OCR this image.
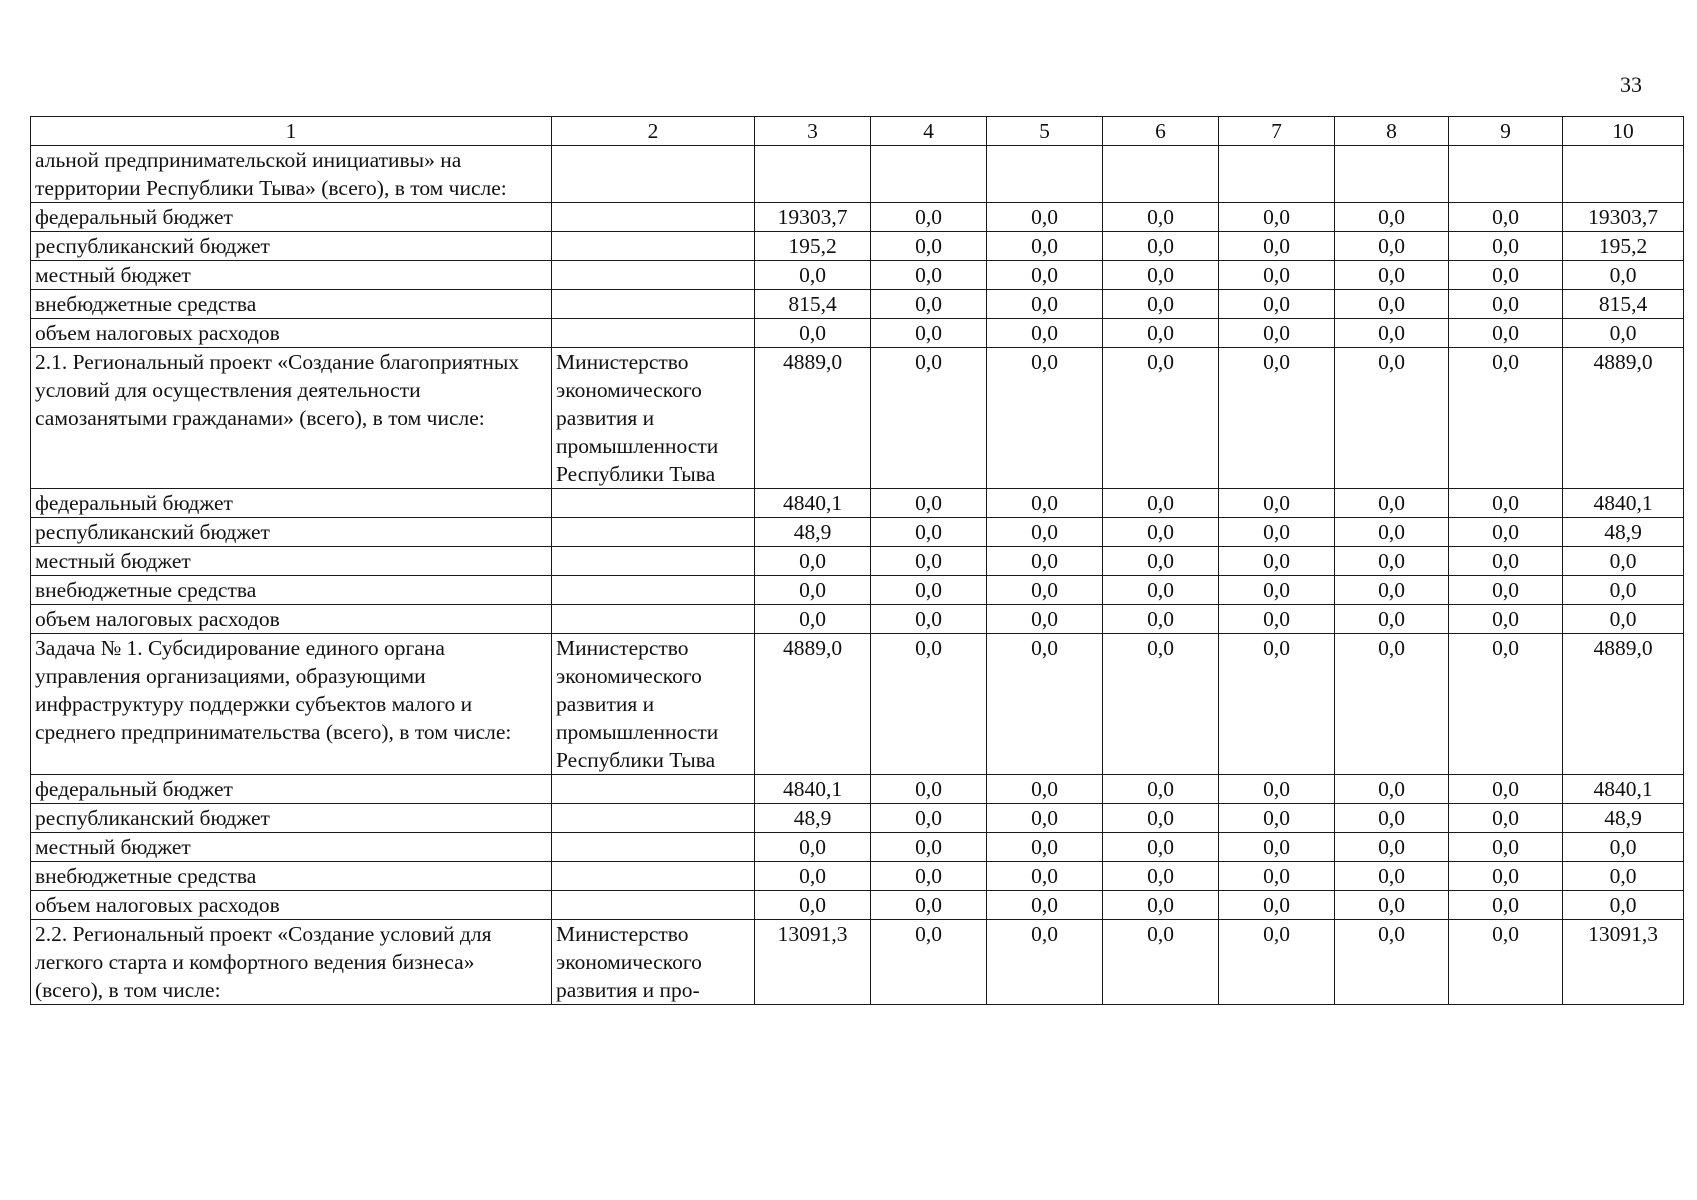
33
1	2	3	4	5	6	7	8	9	10
альной предпринимательской инициативы» на территории Республики Тыва» (всего), в том числе:									
федеральный бюджет		19303,7	0,0	0,0	0,0	0,0	0,0	0,0	19303,7
республиканский бюджет		195,2	0,0	0,0	0,0	0,0	0,0	0,0	195,2
местный бюджет		0,0	0,0	0,0	0,0	0,0	0,0	0,0	0,0
внебюджетные средства		815,4	0,0	0,0	0,0	0,0	0,0	0,0	815,4
объем налоговых расходов		0,0	0,0	0,0	0,0	0,0	0,0	0,0	0,0
2.1. Региональный проект «Создание благоприятных условий для осуществления деятельности самозанятыми гражданами» (всего), в том числе:	Министерство экономического развития и промышленности Республики Тыва	4889,0	0,0	0,0	0,0	0,0	0,0	0,0	4889,0
федеральный бюджет		4840,1	0,0	0,0	0,0	0,0	0,0	0,0	4840,1
республиканский бюджет		48,9	0,0	0,0	0,0	0,0	0,0	0,0	48,9
местный бюджет		0,0	0,0	0,0	0,0	0,0	0,0	0,0	0,0
внебюджетные средства		0,0	0,0	0,0	0,0	0,0	0,0	0,0	0,0
объем налоговых расходов		0,0	0,0	0,0	0,0	0,0	0,0	0,0	0,0
Задача № 1. Субсидирование единого органа управления организациями, образующими инфраструктуру поддержки субъектов малого и среднего предпринимательства (всего), в том числе:	Министерство экономического развития и промышленности Республики Тыва	4889,0	0,0	0,0	0,0	0,0	0,0	0,0	4889,0
федеральный бюджет		4840,1	0,0	0,0	0,0	0,0	0,0	0,0	4840,1
республиканский бюджет		48,9	0,0	0,0	0,0	0,0	0,0	0,0	48,9
местный бюджет		0,0	0,0	0,0	0,0	0,0	0,0	0,0	0,0
внебюджетные средства		0,0	0,0	0,0	0,0	0,0	0,0	0,0	0,0
объем налоговых расходов		0,0	0,0	0,0	0,0	0,0	0,0	0,0	0,0
2.2. Региональный проект «Создание условий для легкого старта и комфортного ведения бизнеса» (всего), в том числе:	Министерство экономического развития и про-	13091,3	0,0	0,0	0,0	0,0	0,0	0,0	13091,3
